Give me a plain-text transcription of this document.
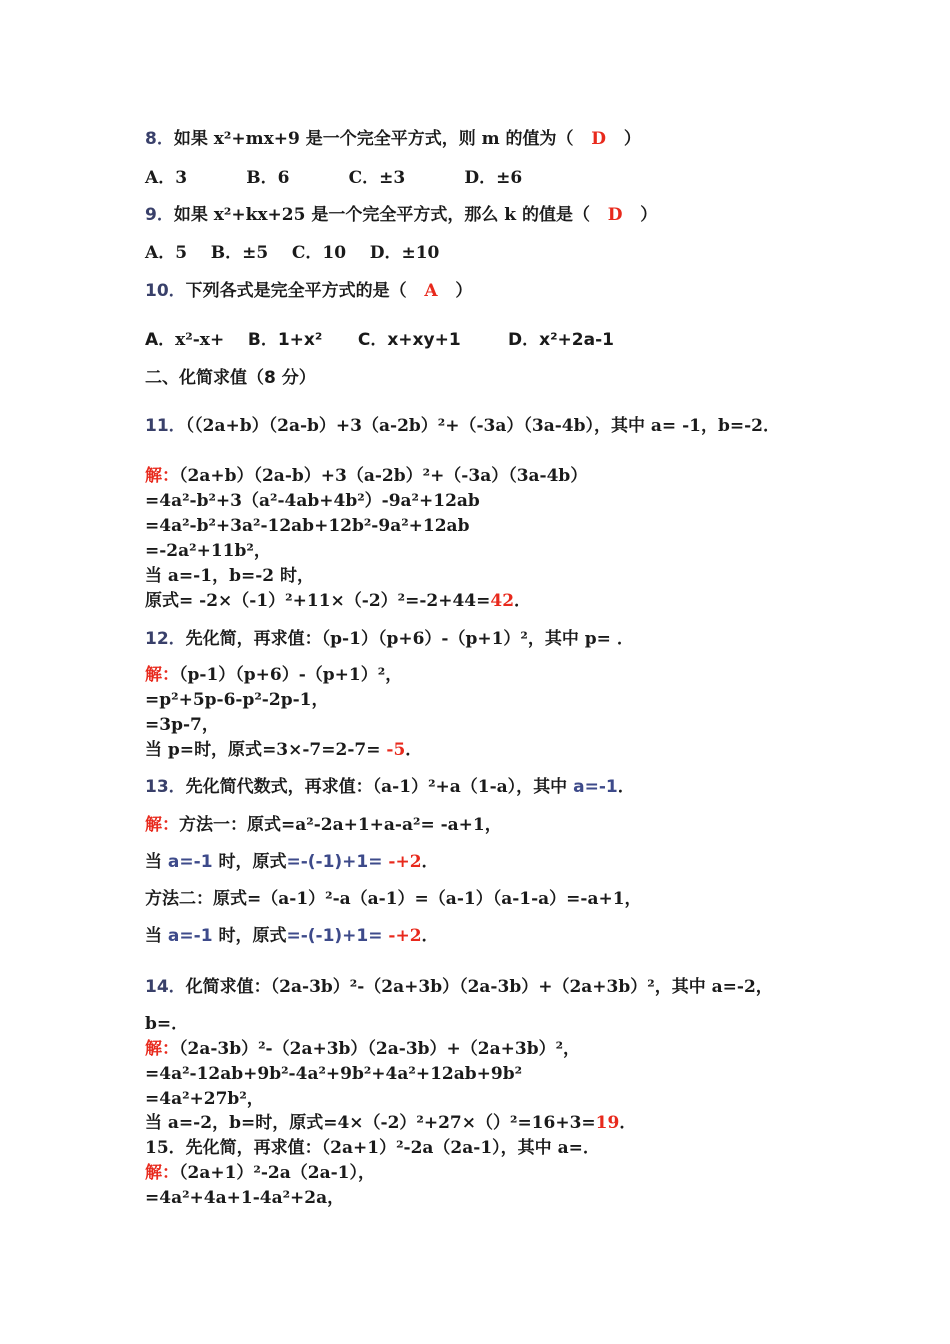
8．如果 x²+mx+9 是一个完全平方式，则 m 的值为（   D   ）
A．3	B．6	C．±3	D．±6
9．如果 x²+kx+25 是一个完全平方式，那么 k 的值是（   D   ）
A．5 B．±5 C．10 D．±10
10．下列各式是完全平方式的是（   A   ）
A．x²-x+ B．1+x² C．x+xy+1	D．x²+2a-1
二、化简求值（8 分）
11．（（2a+b）（2a-b）+3（a-2b）²+（-3a）（3a-4b），其中 a= -1，b=-2．
解：（2a+b）（2a-b）+3（a-2b）²+（-3a）（3a-4b）
=4a²-b²+3（a²-4ab+4b²）-9a²+12ab
=4a²-b²+3a²-12ab+12b²-9a²+12ab
=-2a²+11b²，
当 a=-1，b=-2 时，
原式= -2×（-1）²+11×（-2）²=-2+44=42．
12．先化简，再求值：（p-1）（p+6）-（p+1）²，其中 p= ．
解：（p-1）（p+6）-（p+1）²，
=p²+5p-6-p²-2p-1，
=3p-7，
当 p=时，原式=3×-7=2-7= -5．
13．先化简代数式，再求值：（a-1）²+a（1-a），其中 a=-1．
解：方法一：原式=a²-2a+1+a-a²= -a+1，
当 a=-1 时，原式=-(-1)+1= -+2．
方法二：原式=（a-1）²-a（a-1）=（a-1）（a-1-a）=-a+1，
当 a=-1 时，原式=-(-1)+1= -+2．
14．化简求值：（2a-3b）²-（2a+3b）（2a-3b）+（2a+3b）²，其中 a=-2，
b=．
解：（2a-3b）²-（2a+3b）（2a-3b）+（2a+3b）²，
=4a²-12ab+9b²-4a²+9b²+4a²+12ab+9b²
=4a²+27b²，
当 a=-2，b=时，原式=4×（-2）²+27×（）²=16+3=19．
15．先化简，再求值：（2a+1）²-2a（2a-1），其中 a=．
解：（2a+1）²-2a（2a-1），
=4a²+4a+1-4a²+2a，
